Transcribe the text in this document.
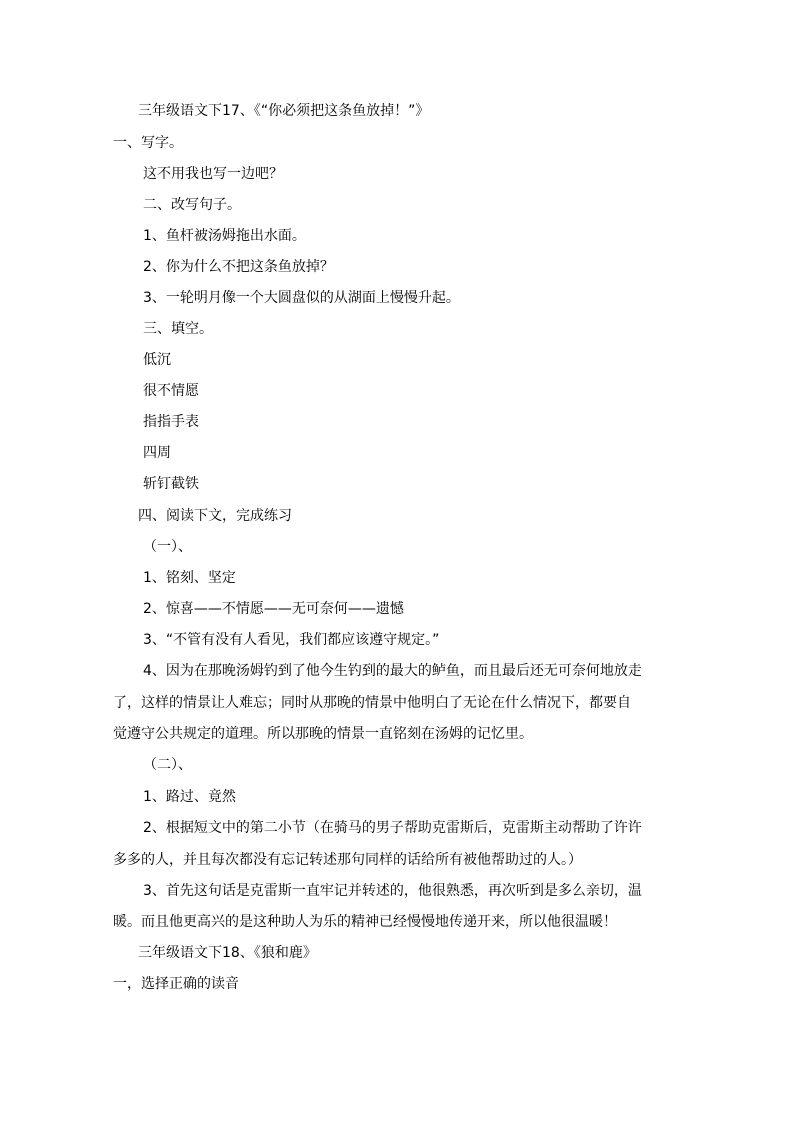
三年级语文下17、《“你必须把这条鱼放掉！”》
一、写字。
这不用我也写一边吧？
二、改写句子。
1、鱼杆被汤姆拖出水面。
2、你为什么不把这条鱼放掉？
3、一轮明月像一个大圆盘似的从湖面上慢慢升起。
三、填空。
低沉
很不情愿
指指手表
四周
斩钉截铁
四、阅读下文，完成练习
（一）、
1、铭刻、坚定
2、惊喜——不情愿——无可奈何——遗憾
3、“不管有没有人看见，我们都应该遵守规定。”
4、因为在那晚汤姆钓到了他今生钓到的最大的鲈鱼，而且最后还无可奈何地放走
了，这样的情景让人难忘；同时从那晚的情景中他明白了无论在什么情况下，都要自
觉遵守公共规定的道理。所以那晚的情景一直铭刻在汤姆的记忆里。
（二）、
1、路过、竟然
2、根据短文中的第二小节（在骑马的男子帮助克雷斯后，克雷斯主动帮助了许许
多多的人，并且每次都没有忘记转述那句同样的话给所有被他帮助过的人。）
3、首先这句话是克雷斯一直牢记并转述的，他很熟悉，再次听到是多么亲切，温
暖。而且他更高兴的是这种助人为乐的精神已经慢慢地传递开来，所以他很温暖！
三年级语文下18、《狼和鹿》
一，选择正确的读音
